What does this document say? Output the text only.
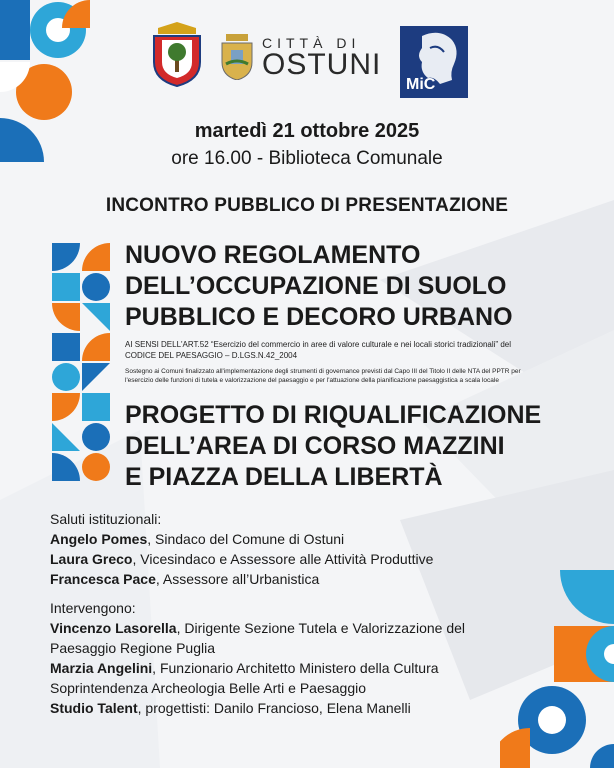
CITTÀ DI
OSTUNI
MiC
martedì 21 ottobre 2025
ore 16.00 - Biblioteca Comunale
INCONTRO PUBBLICO DI PRESENTAZIONE
NUOVO REGOLAMENTO
DELL’OCCUPAZIONE DI SUOLO
PUBBLICO E DECORO URBANO
AI SENSI DELL'ART.52 “Esercizio del commercio in aree di valore culturale e nei locali storici tradizionali” del
CODICE DEL PAESAGGIO – D.LGS.N.42_2004
Sostegno ai Comuni finalizzato all'implementazione degli strumenti di governance previsti dal Capo III del Titolo II delle NTA del PPTR per
l'esercizio delle funzioni di tutela e valorizzazione del paesaggio e per l'attuazione della pianificazione paesaggistica a scala locale
PROGETTO DI RIQUALIFICAZIONE
DELL’AREA DI CORSO MAZZINI
E PIAZZA DELLA LIBERTÀ
Saluti istituzionali:
Angelo Pomes, Sindaco del Comune di Ostuni
Laura Greco, Vicesindaco e Assessore alle Attività Produttive
Francesca Pace, Assessore all’Urbanistica
Intervengono:
Vincenzo Lasorella, Dirigente Sezione Tutela e Valorizzazione del
Paesaggio Regione Puglia
Marzia Angelini, Funzionario Architetto Ministero della Cultura
Soprintendenza Archeologia Belle Arti e Paesaggio
Studio Talent, progettisti: Danilo Francioso, Elena Manelli
